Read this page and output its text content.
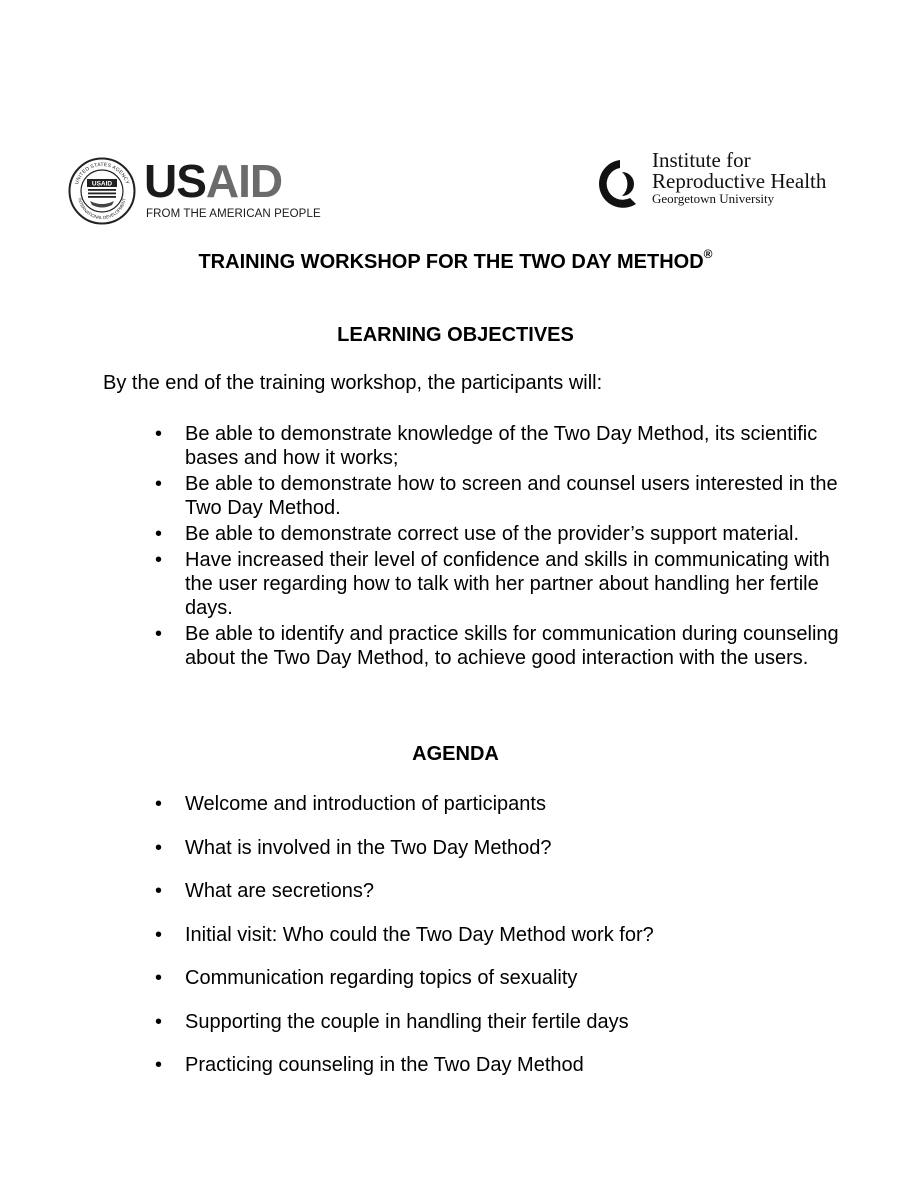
USAID
UNITED STATES AGENCY
INTERNATIONAL DEVELOPMENT USAID
FROM THE AMERICAN PEOPLE
Institute for
Reproductive Health
Georgetown University
TRAINING WORKSHOP FOR THE TWO DAY METHOD®
LEARNING OBJECTIVES
By the end of the training workshop, the participants will:
•	Be able to demonstrate knowledge of the Two Day Method, its scientific bases and how it works;
•	Be able to demonstrate how to screen and counsel users interested in the Two Day Method.
•	Be able to demonstrate correct use of the provider’s support material.
•	Have increased their level of confidence and skills in communicating with the user regarding how to talk with her partner about handling her fertile days.
•	Be able to identify and practice skills for communication during counseling about the Two Day Method, to achieve good interaction with the users.
AGENDA
•	Welcome and introduction of participants
•	What is involved in the Two Day Method?
•	What are secretions?
•	Initial visit: Who could the Two Day Method work for?
•	Communication regarding topics of sexuality
•	Supporting the couple in handling their fertile days
•	Practicing counseling in the Two Day Method
